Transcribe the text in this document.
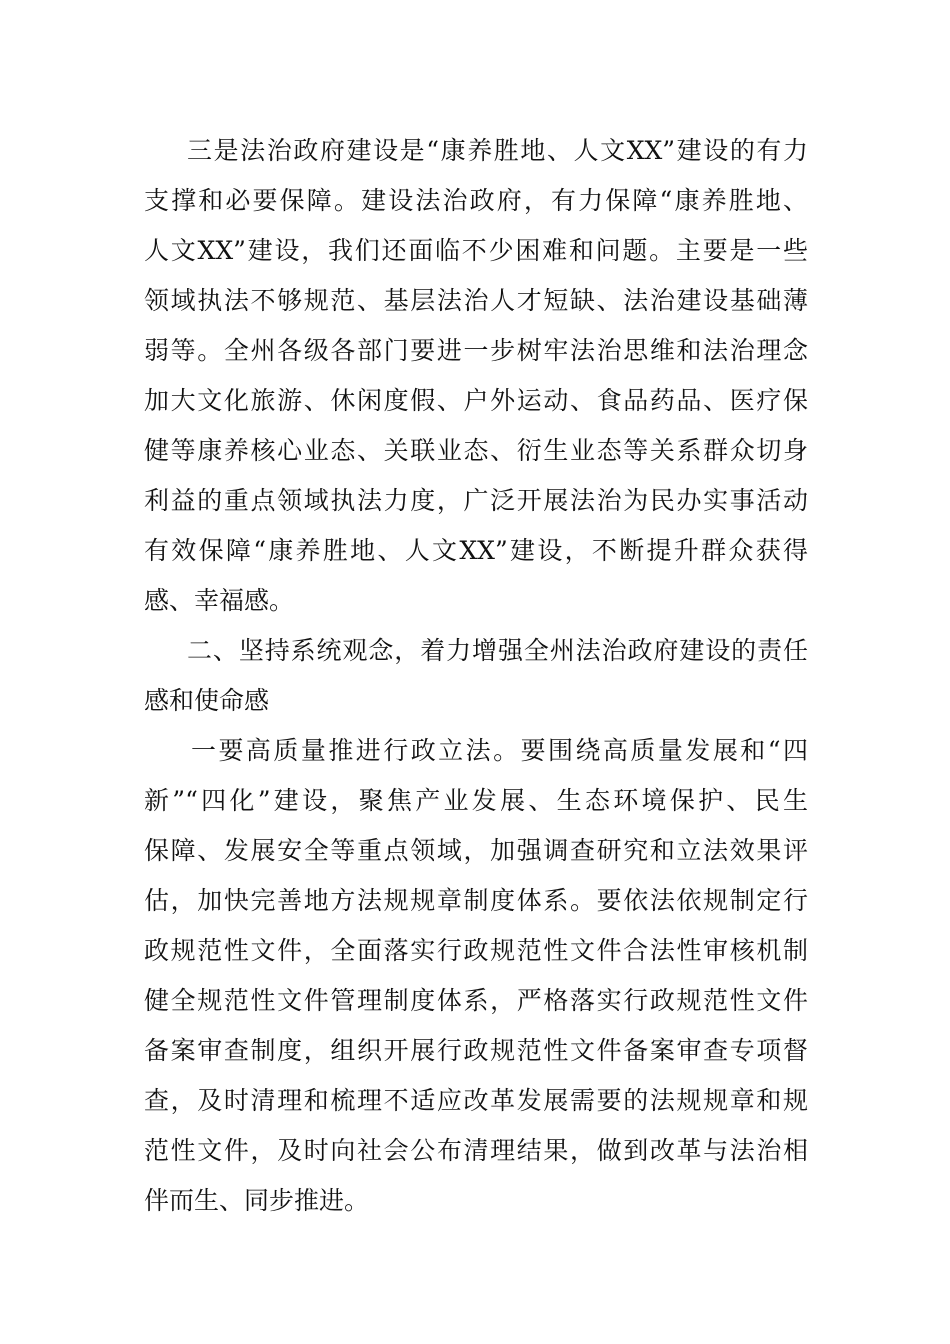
三是法治政府建设是“康养胜地、人文XX”建设的有力
支撑和必要保障。建设法治政府，有力保障“康养胜地、
人文XX”建设，我们还面临不少困难和问题。主要是一些
领域执法不够规范、基层法治人才短缺、法治建设基础薄
弱等。全州各级各部门要进一步树牢法治思维和法治理念
加大文化旅游、休闲度假、户外运动、食品药品、医疗保
健等康养核心业态、关联业态、衍生业态等关系群众切身
利益的重点领域执法力度，广泛开展法治为民办实事活动
有效保障“康养胜地、人文XX”建设，不断提升群众获得
感、幸福感。
二、坚持系统观念，着力增强全州法治政府建设的责任
感和使命感
一要高质量推进行政立法。要围绕高质量发展和“四
新”“四化”建设，聚焦产业发展、生态环境保护、民生
保障、发展安全等重点领域，加强调查研究和立法效果评
估，加快完善地方法规规章制度体系。要依法依规制定行
政规范性文件，全面落实行政规范性文件合法性审核机制
健全规范性文件管理制度体系，严格落实行政规范性文件
备案审查制度，组织开展行政规范性文件备案审查专项督
查，及时清理和梳理不适应改革发展需要的法规规章和规
范性文件，及时向社会公布清理结果，做到改革与法治相
伴而生、同步推进。
